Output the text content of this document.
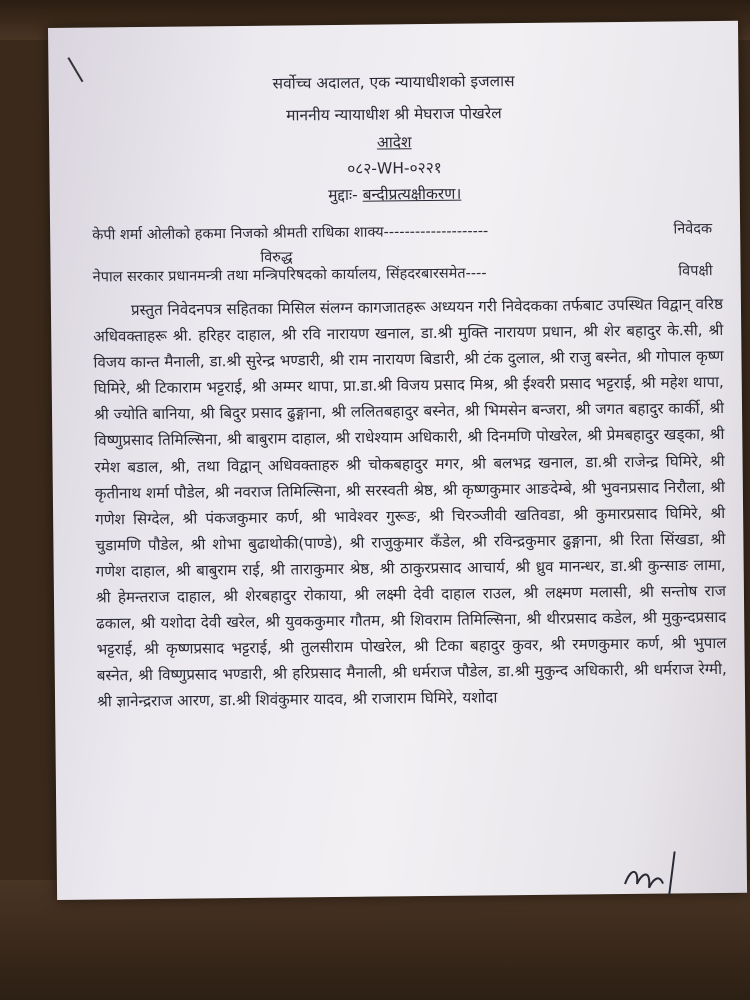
सर्वोच्च अदालत, एक न्यायाधीशको इजलास
माननीय न्यायाधीश श्री मेघराज पोखरेल
आदेश
०८२-WH-०२२१
मुद्दाः- बन्दीप्रत्यक्षीकरण।
केपी शर्मा ओलीको हकमा निजको श्रीमती राधिका शाक्य--------------------	निवेदक
विरुद्ध
नेपाल सरकार प्रधानमन्त्री तथा मन्त्रिपरिषदको कार्यालय, सिंहदरबारसमेत----	विपक्षी
प्रस्तुत निवेदनपत्र सहितका मिसिल संलग्न कागजातहरू अध्ययन गरी निवेदकका तर्फबाट उपस्थित विद्वान् वरिष्ठ अधिवक्ताहरू श्री. हरिहर दाहाल, श्री रवि नारायण खनाल, डा.श्री मुक्ति नारायण प्रधान, श्री शेर बहादुर के.सी, श्री विजय कान्त मैनाली, डा.श्री सुरेन्द्र भण्डारी, श्री राम नारायण बिडारी, श्री टंक दुलाल, श्री राजु बस्नेत, श्री गोपाल कृष्ण घिमिरे, श्री टिकाराम भट्टराई, श्री अम्मर थापा, प्रा.डा.श्री विजय प्रसाद मिश्र, श्री ईश्वरी प्रसाद भट्टराई, श्री महेश थापा, श्री ज्योति बानिया, श्री बिदुर प्रसाद ढुङ्गाना, श्री ललितबहादुर बस्नेत, श्री भिमसेन बन्जरा, श्री जगत बहादुर कार्की, श्री विष्णुप्रसाद तिमिल्सिना, श्री बाबुराम दाहाल, श्री राधेश्याम अधिकारी, श्री दिनमणि पोखरेल, श्री प्रेमबहादुर खड्का, श्री रमेश बडाल, श्री, तथा विद्वान् अधिवक्ताहरु श्री चोकबहादुर मगर, श्री बलभद्र खनाल, डा.श्री राजेन्द्र घिमिरे, श्री कृतीनाथ शर्मा पौडेल, श्री नवराज तिमिल्सिना, श्री सरस्वती श्रेष्ठ, श्री कृष्णकुमार आङदेम्बे, श्री भुवनप्रसाद निरौला, श्री गणेश सिग्देल, श्री पंकजकुमार कर्ण, श्री भावेश्वर गुरूङ, श्री चिरञ्जीवी खतिवडा, श्री कुमारप्रसाद घिमिरे, श्री चुडामणि पौडेल, श्री शोभा बुढाथोकी(पाण्डे), श्री राजुकुमार कँडेल, श्री रविन्द्रकुमार ढुङ्गाना, श्री रिता सिंखडा, श्री गणेश दाहाल, श्री बाबुराम राई, श्री ताराकुमार श्रेष्ठ, श्री ठाकुरप्रसाद आचार्य, श्री ध्रुव मानन्धर, डा.श्री कुन्साङ लामा, श्री हेमन्तराज दाहाल, श्री शेरबहादुर रोकाया, श्री लक्ष्मी देवी दाहाल राउल, श्री लक्ष्मण मलासी, श्री सन्तोष राज ढकाल, श्री यशोदा देवी खरेल, श्री युवककुमार गौतम, श्री शिवराम तिमिल्सिना, श्री थीरप्रसाद कडेल, श्री मुकुन्दप्रसाद भट्टराई, श्री कृष्णप्रसाद भट्टराई, श्री तुलसीराम पोखरेल, श्री टिका बहादुर कुवर, श्री रमणकुमार कर्ण, श्री भुपाल बस्नेत, श्री विष्णुप्रसाद भण्डारी, श्री हरिप्रसाद मैनाली, श्री धर्मराज पौडेल, डा.श्री मुकुन्द अधिकारी, श्री धर्मराज रेग्मी, श्री ज्ञानेन्द्रराज आरण, डा.श्री शिवंकुमार यादव, श्री राजाराम घिमिरे, यशोदा
